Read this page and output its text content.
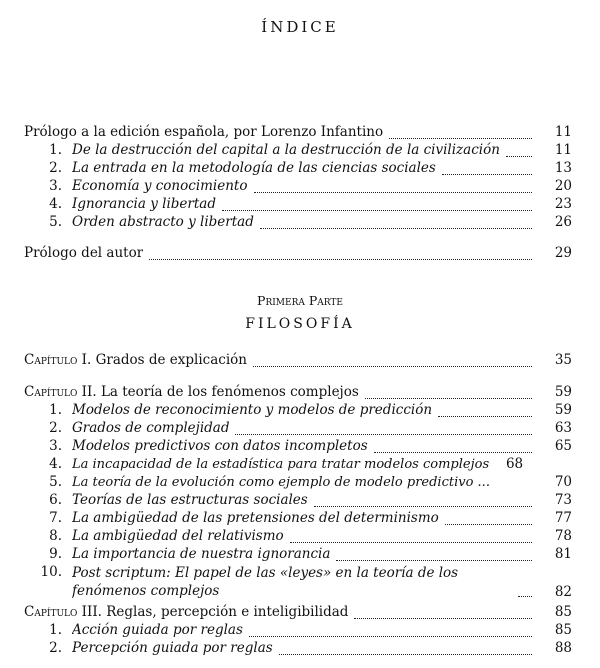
ÍNDICE
Prólogo a la edición española, por Lorenzo Infantino	11
1. De la destrucción del capital a la destrucción de la civilización	11
2. La entrada en la metodología de las ciencias sociales	13
3. Economía y conocimiento	20
4. Ignorancia y libertad	23
5. Orden abstracto y libertad	26
Prólogo del autor	29
Primera Parte
FILOSOFÍA
Capítulo I. Grados de explicación	35
Capítulo II. La teoría de los fenómenos complejos	59
1. Modelos de reconocimiento y modelos de predicción	59
2. Grados de complejidad	63
3. Modelos predictivos con datos incompletos	65
4. La incapacidad de la estadística para tratar modelos complejos	68
5. La teoría de la evolución como ejemplo de modelo predictivo ...	70
6. Teorías de las estructuras sociales	73
7. La ambigüedad de las pretensiones del determinismo	77
8. La ambigüedad del relativismo	78
9. La importancia de nuestra ignorancia	81
10. Post scriptum: El papel de las «leyes» en la teoría de los fenómenos complejos	82
Capítulo III. Reglas, percepción e inteligibilidad	85
1. Acción guiada por reglas	85
2. Percepción guiada por reglas	88
